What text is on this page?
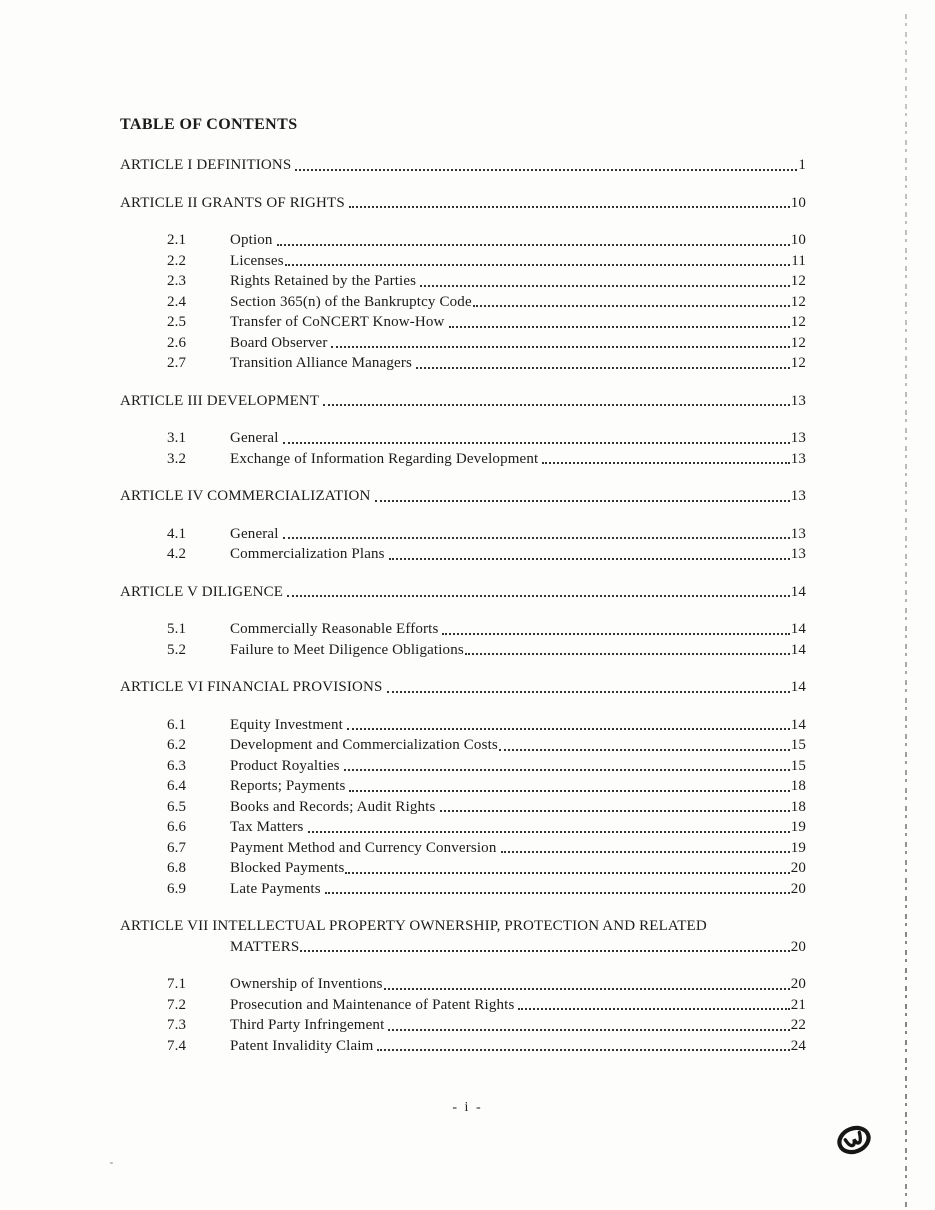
TABLE OF CONTENTS
ARTICLE I DEFINITIONS	1
ARTICLE II GRANTS OF RIGHTS	10
2.1	Option	10
2.2	Licenses	11
2.3	Rights Retained by the Parties	12
2.4	Section 365(n) of the Bankruptcy Code	12
2.5	Transfer of CoNCERT Know-How	12
2.6	Board Observer	12
2.7	Transition Alliance Managers	12
ARTICLE III DEVELOPMENT	13
3.1	General	13
3.2	Exchange of Information Regarding Development	13
ARTICLE IV COMMERCIALIZATION	13
4.1	General	13
4.2	Commercialization Plans	13
ARTICLE V DILIGENCE	14
5.1	Commercially Reasonable Efforts	14
5.2	Failure to Meet Diligence Obligations	14
ARTICLE VI FINANCIAL PROVISIONS	14
6.1	Equity Investment	14
6.2	Development and Commercialization Costs	15
6.3	Product Royalties	15
6.4	Reports; Payments	18
6.5	Books and Records; Audit Rights	18
6.6	Tax Matters	19
6.7	Payment Method and Currency Conversion	19
6.8	Blocked Payments	20
6.9	Late Payments	20
ARTICLE VII INTELLECTUAL PROPERTY OWNERSHIP, PROTECTION AND RELATED
MATTERS	20
7.1	Ownership of Inventions	20
7.2	Prosecution and Maintenance of Patent Rights	21
7.3	Third Party Infringement	22
7.4	Patent Invalidity Claim	24
- i -
